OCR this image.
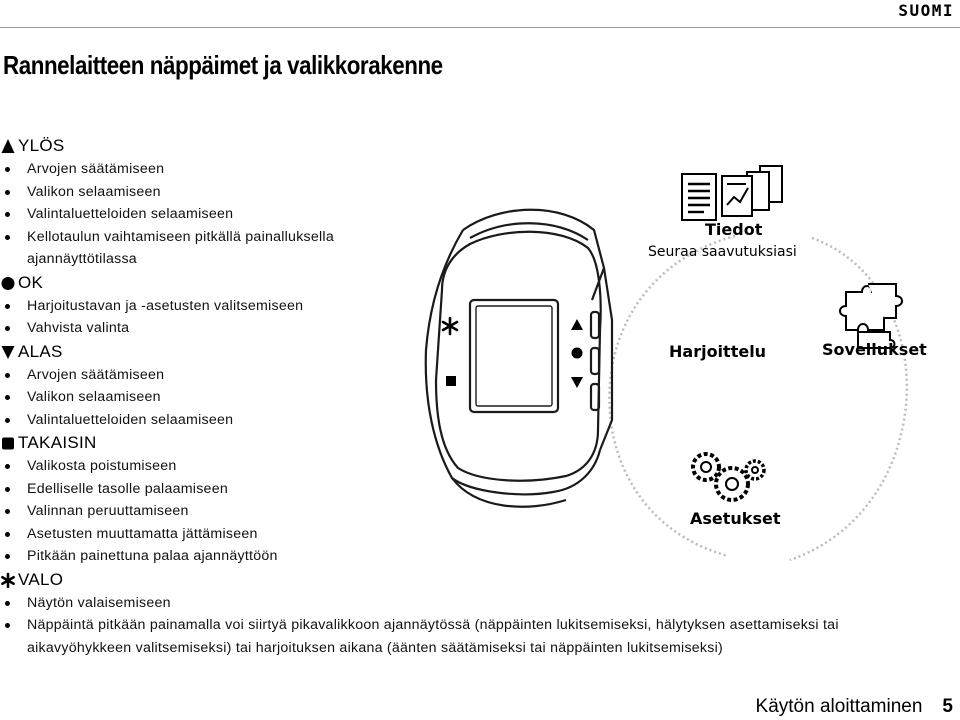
SUOMI
Rannelaitteen näppäimet ja valikkorakenne
YLÖS
Arvojen säätämiseen
Valikon selaamiseen
Valintaluetteloiden selaamiseen
Kellotaulun vaihtamiseen pitkällä painalluksella ajannäyttötilassa
OK
Harjoitustavan ja -asetusten valitsemiseen
Vahvista valinta
ALAS
Arvojen säätämiseen
Valikon selaamiseen
Valintaluetteloiden selaamiseen
TAKAISIN
Valikosta poistumiseen
Edelliselle tasolle palaamiseen
Valinnan peruuttamiseen
Asetusten muuttamatta jättämiseen
Pitkään painettuna palaa ajannäyttöön
VALO
Näytön valaisemiseen
Näppäintä pitkään painamalla voi siirtyä pikavalikkoon ajannäytössä (näppäinten lukitsemiseksi, hälytyksen asettamiseksi tai aikavyöhykkeen valitsemiseksi) tai harjoituksen aikana (äänten säätämiseksi tai näppäinten lukitsemiseksi)
Tiedot
Seuraa saavutuksiasi
Harjoittelu	Sovellukset
Asetukset
Käytön aloittaminen 5
